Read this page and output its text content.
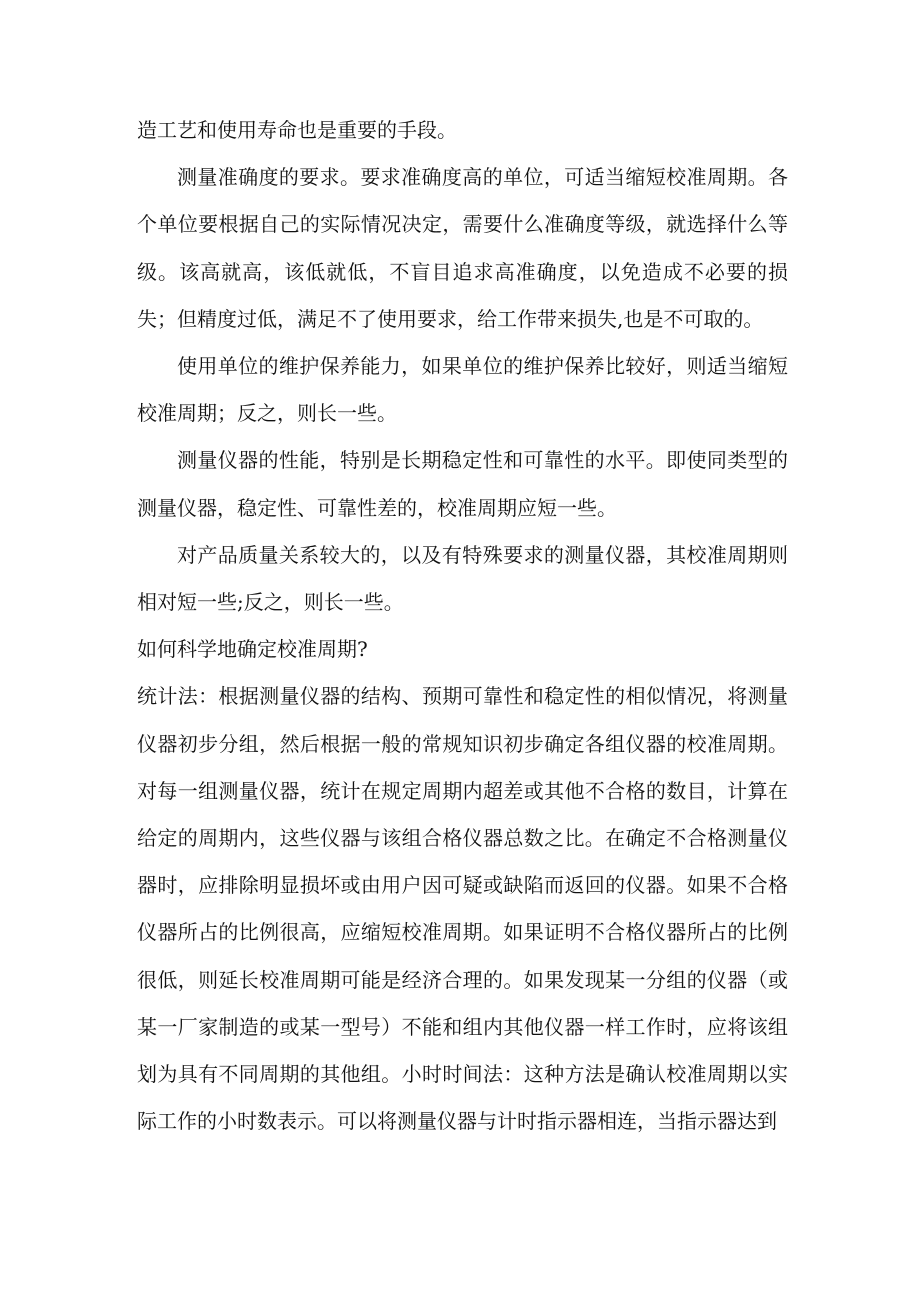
造工艺和使用寿命也是重要的手段。

测量准确度的要求。要求准确度高的单位，可适当缩短校准周期。各个单位要根据自己的实际情况决定，需要什么准确度等级，就选择什么等级。该高就高，该低就低，不盲目追求高准确度，以免造成不必要的损失；但精度过低，满足不了使用要求，给工作带来损失,也是不可取的。

使用单位的维护保养能力，如果单位的维护保养比较好，则适当缩短校准周期；反之，则长一些。

测量仪器的性能，特别是长期稳定性和可靠性的水平。即使同类型的测量仪器，稳定性、可靠性差的，校准周期应短一些。

对产品质量关系较大的，以及有特殊要求的测量仪器，其校准周期则相对短一些;反之，则长一些。

如何科学地确定校准周期?

统计法：根据测量仪器的结构、预期可靠性和稳定性的相似情况，将测量仪器初步分组，然后根据一般的常规知识初步确定各组仪器的校准周期。对每一组测量仪器，统计在规定周期内超差或其他不合格的数目，计算在给定的周期内，这些仪器与该组合格仪器总数之比。在确定不合格测量仪器时，应排除明显损坏或由用户因可疑或缺陷而返回的仪器。如果不合格仪器所占的比例很高，应缩短校准周期。如果证明不合格仪器所占的比例很低，则延长校准周期可能是经济合理的。如果发现某一分组的仪器（或某一厂家制造的或某一型号）不能和组内其他仪器一样工作时，应将该组划为具有不同周期的其他组。小时时间法：这种方法是确认校准周期以实际工作的小时数表示。可以将测量仪器与计时指示器相连，当指示器达到
